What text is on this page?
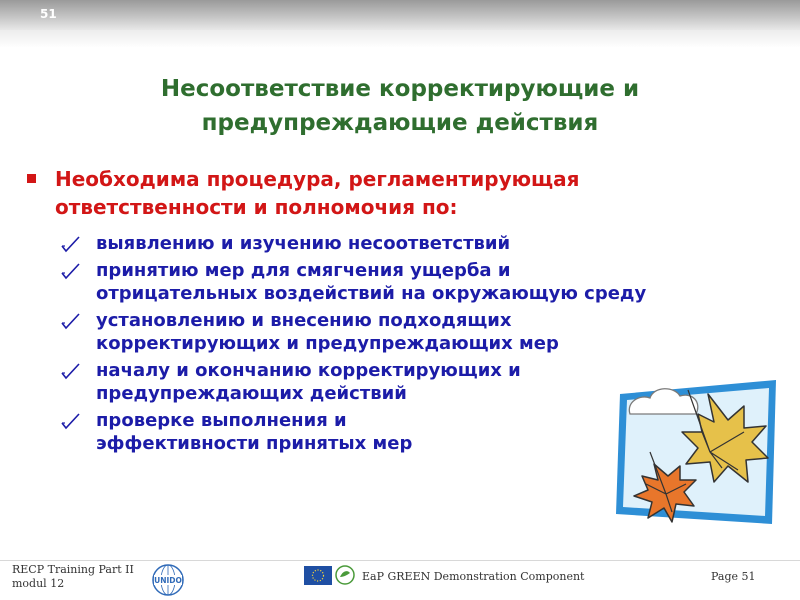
51
Несоответствие корректирующие и
предупреждающие действия
Необходима процедура, регламентирующая
ответственности и полномочия по:
выявлению и изучению несоответствий
принятию мер для смягчения ущерба и
отрицательных воздействий на окружающую среду
установлению и внесению подходящих
корректирующих и предупреждающих мер
началу и окончанию корректирующих и
предупреждающих действий
проверке выполнения и
эффективности принятых мер
RECP Training Part II
modul 12	UNIDO	EaP GREEN Demonstration Component	Page 51
